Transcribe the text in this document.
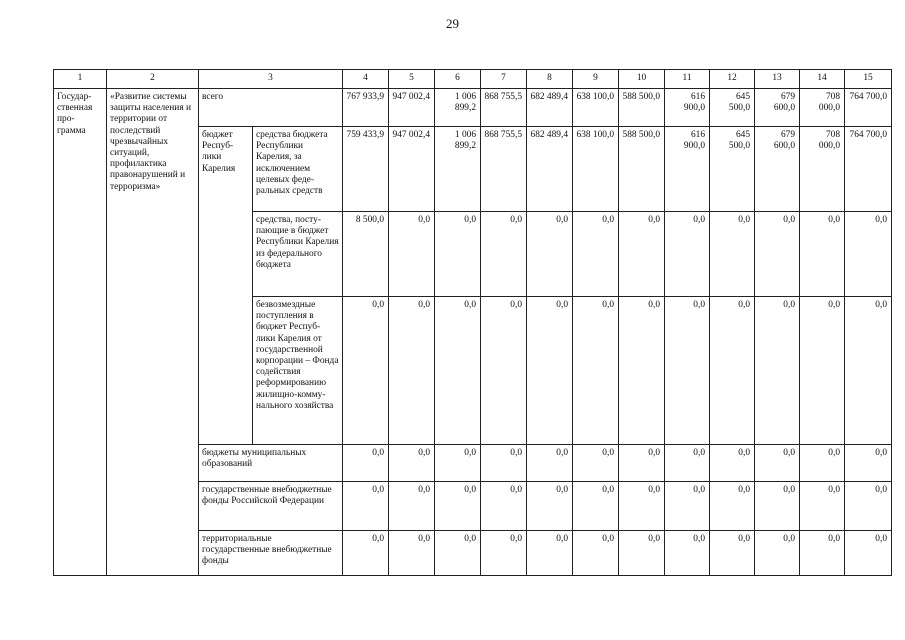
29
1	2	3		4	5	6	7	8	9	10	11	12	13	14	15
Государ-ственная про-грамма	«Развитие системы защиты населения и территории от последствий чрезвычайных ситуаций, профилактика правонарушений и терроризма»	всего		767 933,9	947 002,4	1 006 899,2	868 755,5	682 489,4	638 100,0	588 500,0	616 900,0	645 500,0	679 600,0	708 000,0	764 700,0
		бюджет Респуб-лики Карелия	средства бюджета Республики Карелия, за исключением целевых феде-ральных средств	759 433,9	947 002,4	1 006 899,2	868 755,5	682 489,4	638 100,0	588 500,0	616 900,0	645 500,0	679 600,0	708 000,0	764 700,0
			средства, посту-пающие в бюджет Республики Карелия из федерального бюджета	8 500,0	0,0	0,0	0,0	0,0	0,0	0,0	0,0	0,0	0,0	0,0	0,0
			безвозмездные поступления в бюджет Респуб-лики Карелия от государственной корпорации – Фонда содействия реформированию жилищно-комму-нального хозяйства	0,0	0,0	0,0	0,0	0,0	0,0	0,0	0,0	0,0	0,0	0,0	0,0
		бюджеты муниципальных образований		0,0	0,0	0,0	0,0	0,0	0,0	0,0	0,0	0,0	0,0	0,0	0,0
		государственные внебюджетные фонды Российской Федерации		0,0	0,0	0,0	0,0	0,0	0,0	0,0	0,0	0,0	0,0	0,0	0,0
		территориальные государственные внебюджетные фонды		0,0	0,0	0,0	0,0	0,0	0,0	0,0	0,0	0,0	0,0	0,0	0,0
